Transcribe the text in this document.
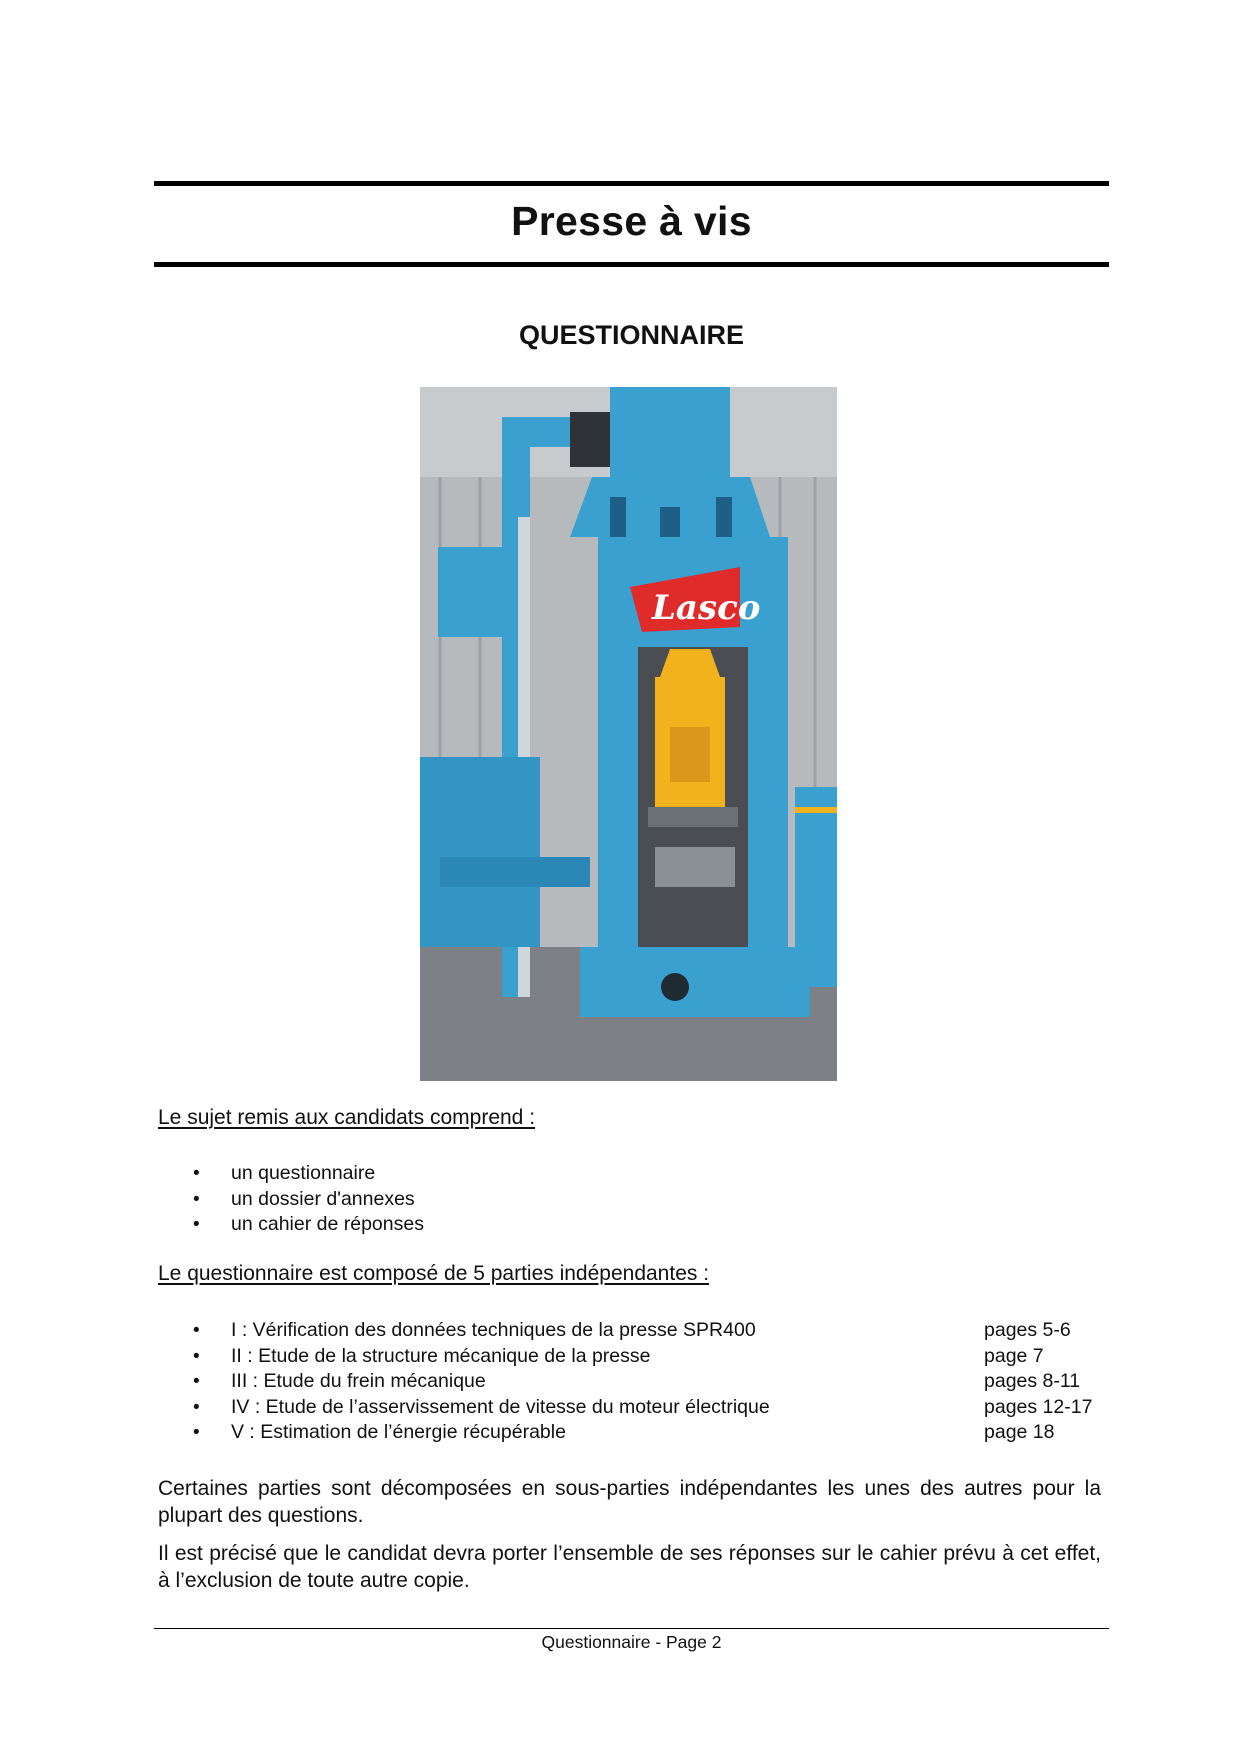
Presse à vis
QUESTIONNAIRE
Lasco
Le sujet remis aux candidats comprend :
• un questionnaire
• un dossier d'annexes
• un cahier de réponses
Le questionnaire est composé de 5 parties indépendantes :
• I : Vérification des données techniques de la presse SPR400	pages 5-6
• II : Etude de la structure mécanique de la presse	page 7
• III : Etude du frein mécanique	pages 8-11
• IV : Etude de l’asservissement de vitesse du moteur électrique	pages 12-17
• V : Estimation de l’énergie récupérable	page 18

Certaines parties sont décomposées en sous-parties indépendantes les unes des autres pour la plupart des questions.

Il est précisé que le candidat devra porter l’ensemble de ses réponses sur le cahier prévu à cet effet, à l’exclusion de toute autre copie.

Questionnaire - Page 2
